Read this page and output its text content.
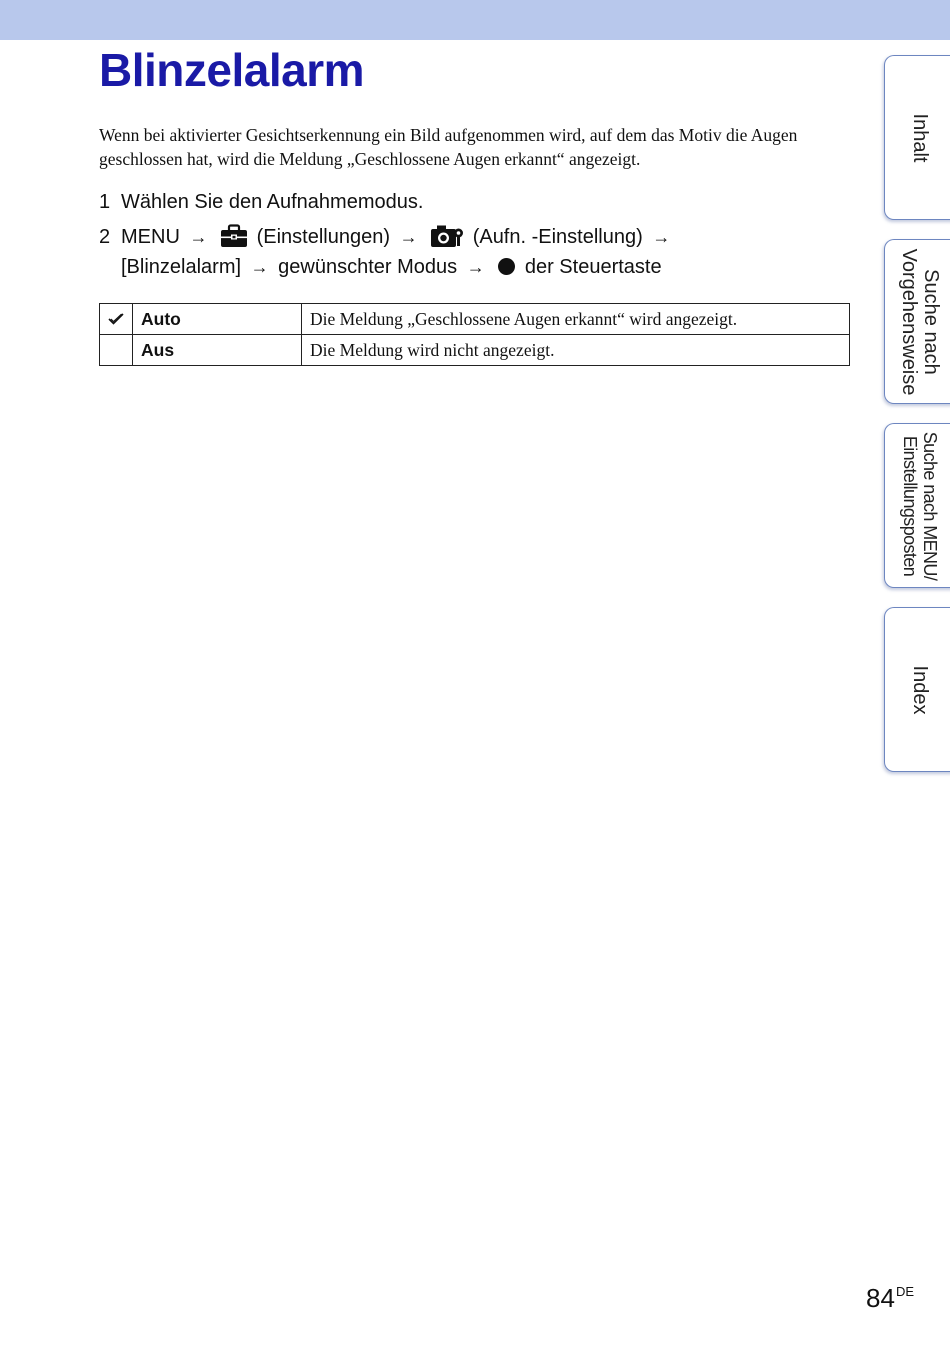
Blinzelalarm

Wenn bei aktivierter Gesichtserkennung ein Bild aufgenommen wird, auf dem das Motiv die Augen geschlossen hat, wird die Meldung „Geschlossene Augen erkannt“ angezeigt.

1 Wählen Sie den Aufnahmemodus.
2 MENU → (Einstellungen) →	(Aufn. -Einstellung) →
[Blinzelalarm] → gewünschter Modus → der Steuertaste
	Auto	Die Meldung „Geschlossene Augen erkannt“ wird angezeigt.
	Aus	Die Meldung wird nicht angezeigt.
Inhalt
Suche nach
Vorgehensweise
Suche nach MENU/
Einstellungsposten
Index
84DE
